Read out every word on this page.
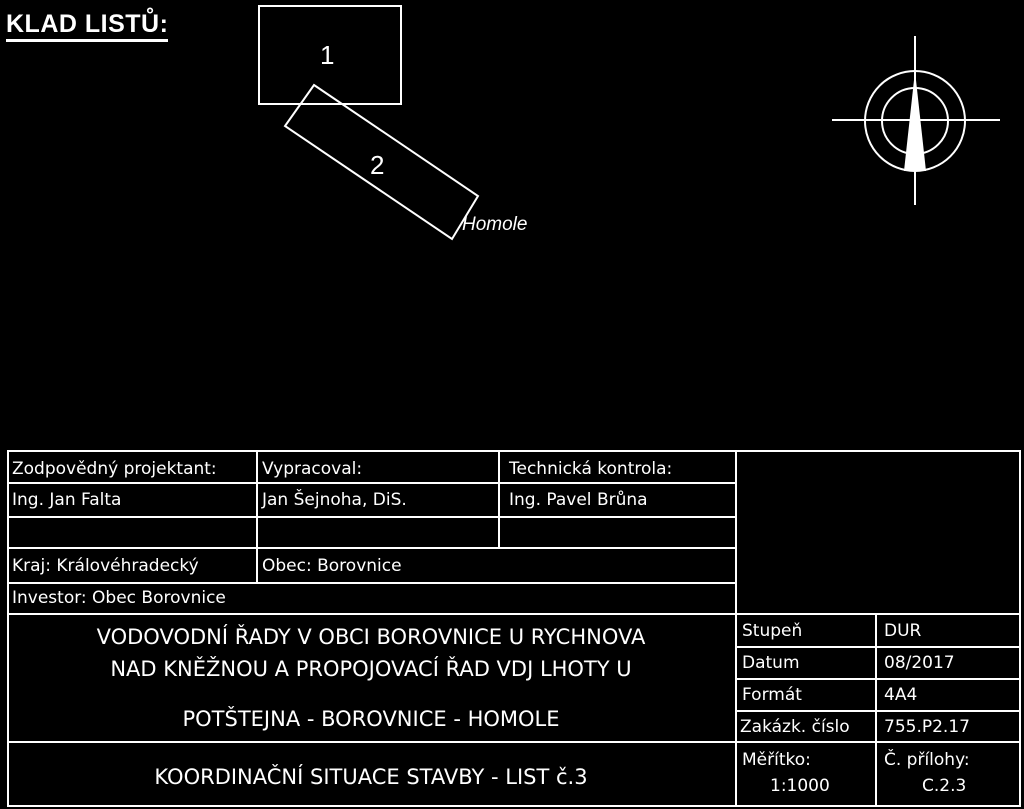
KLAD LISTŮ:
1
2
Homole
Zodpovědný projektant:	Vypracoval:	Technická kontrola:
Ing. Jan Falta	Jan Šejnoha, DiS.	Ing. Pavel Brůna
Kraj: Královéhradecký	Obec: Borovnice
Investor: Obec Borovnice
VODOVODNÍ ŘADY V OBCI BOROVNICE U RYCHNOVA
NAD KNĚŽNOU A PROPOJOVACÍ ŘAD VDJ LHOTY U
POTŠTEJNA - BOROVNICE - HOMOLE
KOORDINAČNÍ SITUACE STAVBY - LIST č.3
Stupeň	DUR
Datum	08/2017
Formát	4A4
Zakázk. číslo 755.P2.17
Měřítko:
1:1000
Č. přílohy:
C.2.3
